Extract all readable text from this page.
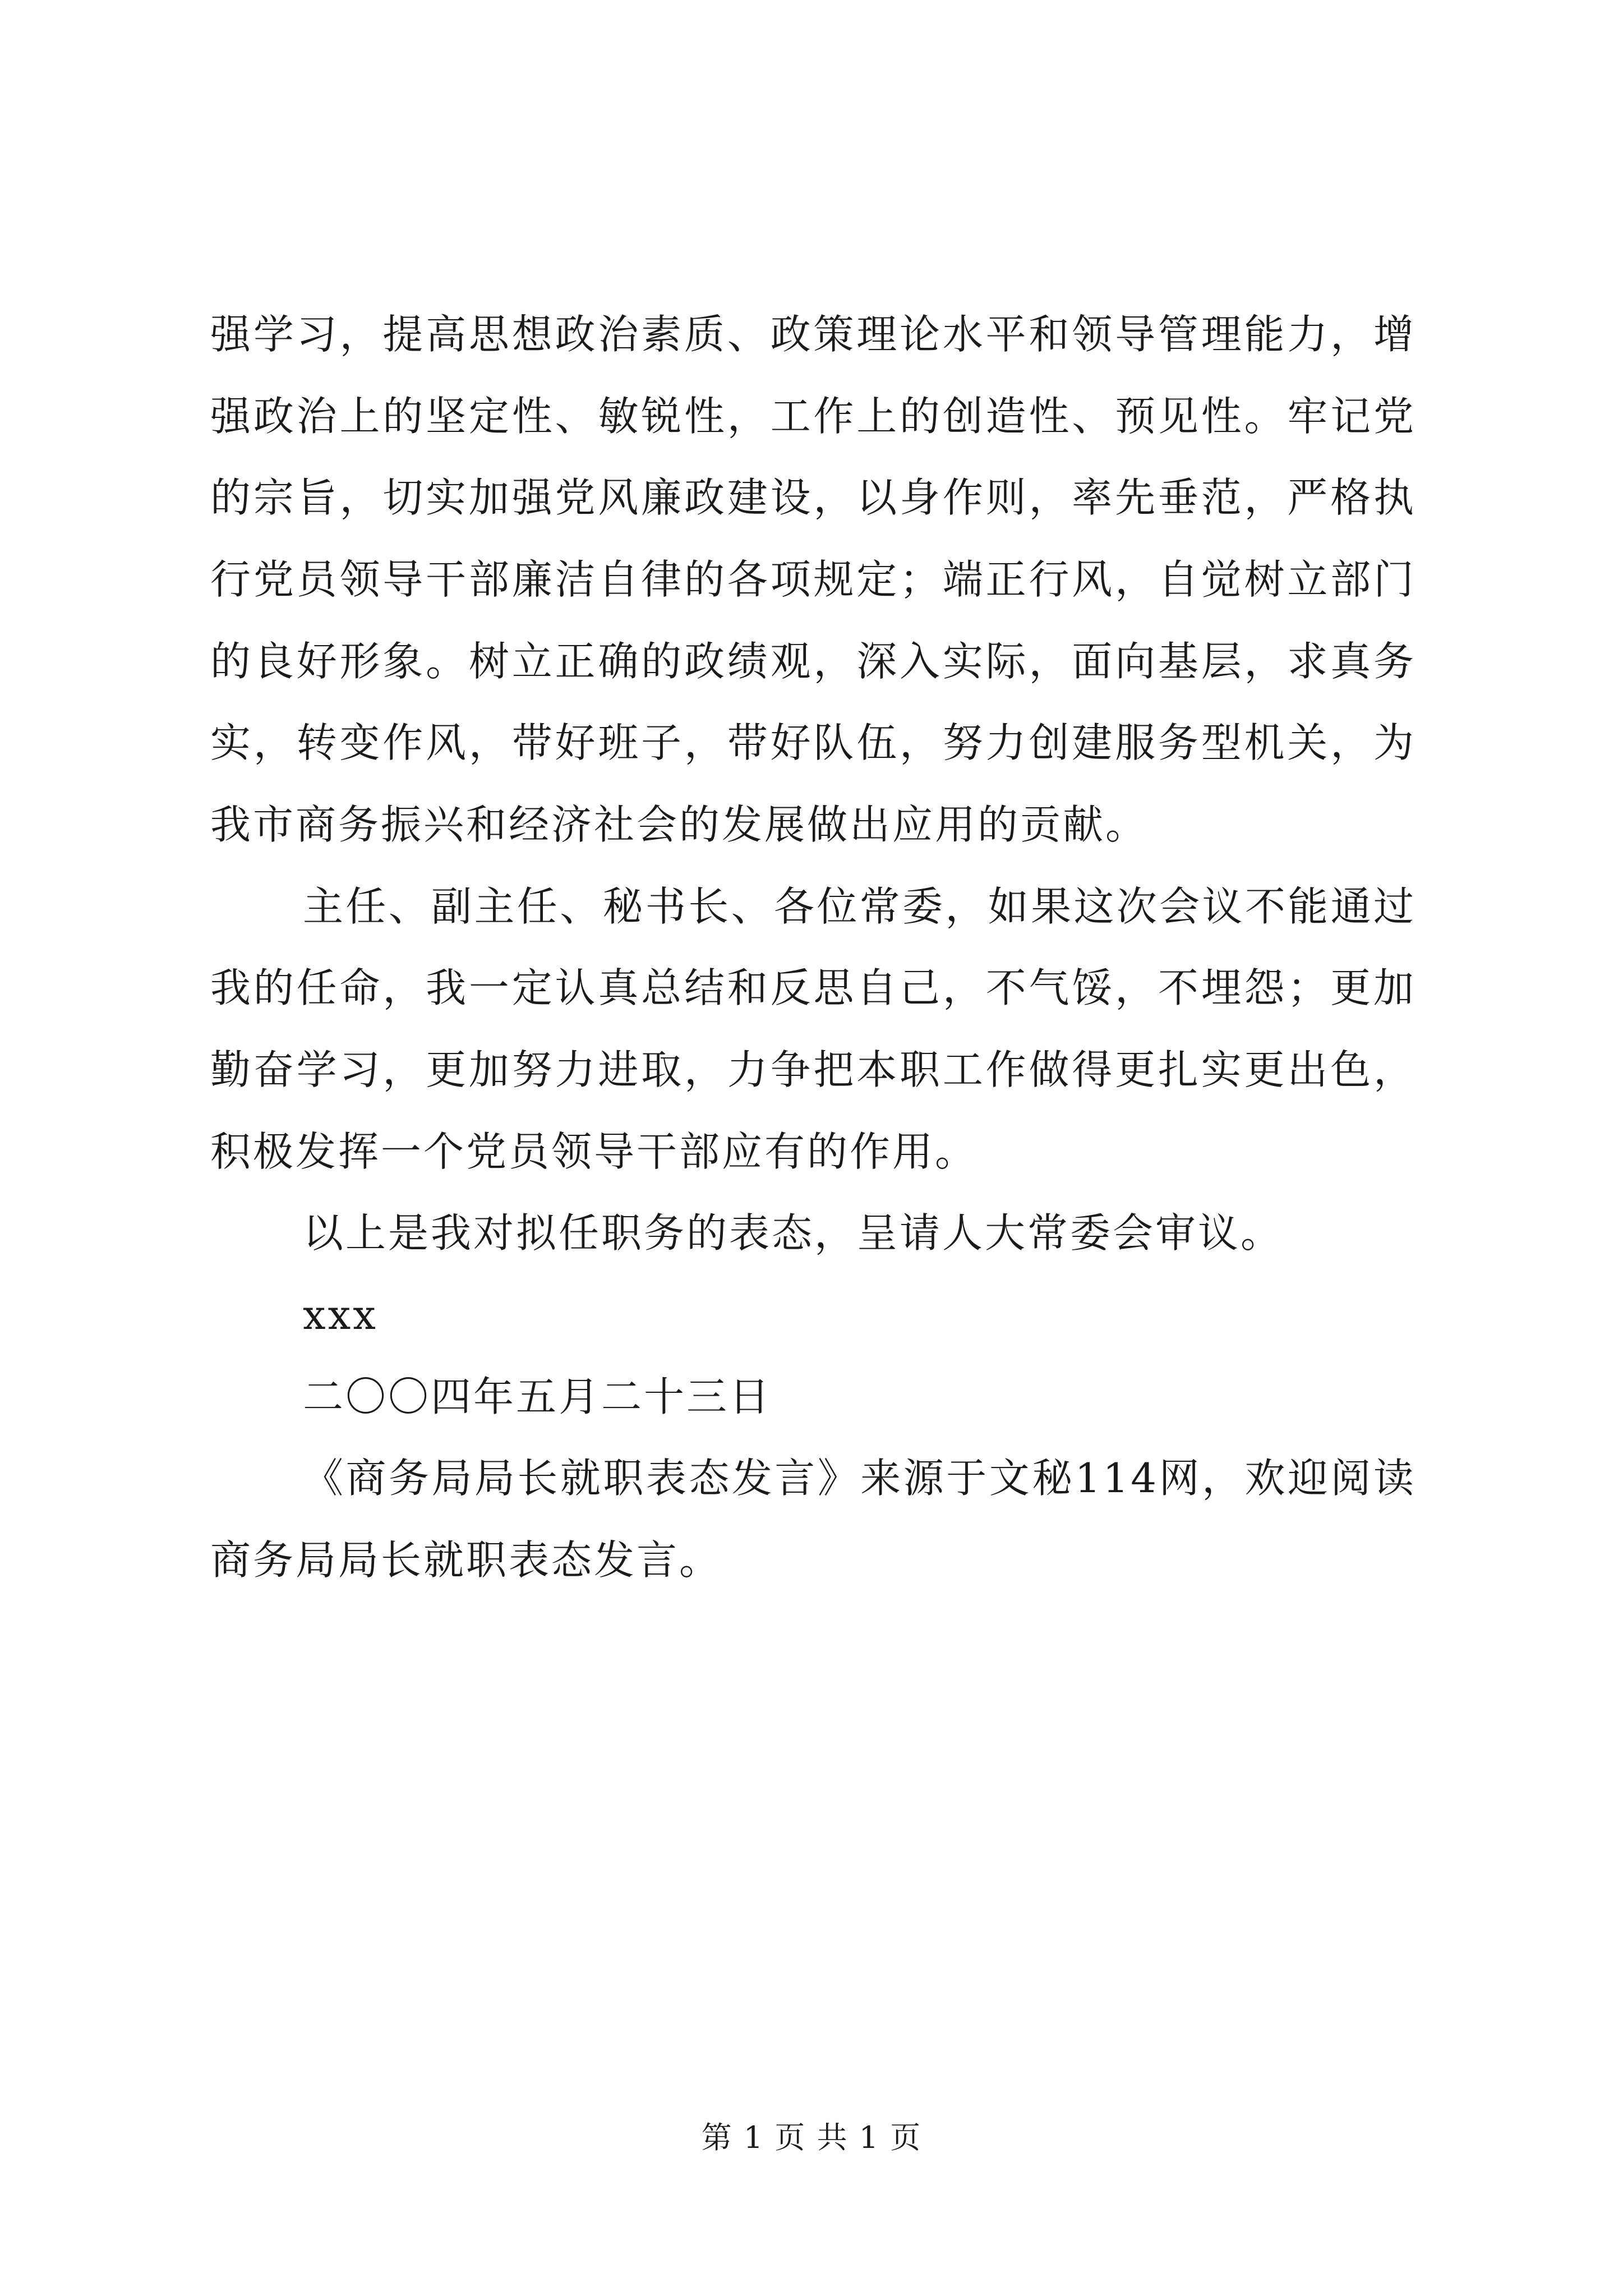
强学习，提高思想政治素质、政策理论水平和领导管理能力，增
强政治上的坚定性、敏锐性，工作上的创造性、预见性。牢记党
的宗旨，切实加强党风廉政建设，以身作则，率先垂范，严格执
行党员领导干部廉洁自律的各项规定；端正行风，自觉树立部门
的良好形象。树立正确的政绩观，深入实际，面向基层，求真务
实，转变作风，带好班子，带好队伍，努力创建服务型机关，为
我市商务振兴和经济社会的发展做出应用的贡献。
主任、副主任、秘书长、各位常委，如果这次会议不能通过
我的任命，我一定认真总结和反思自己，不气馁，不埋怨；更加
勤奋学习，更加努力进取，力争把本职工作做得更扎实更出色，
积极发挥一个党员领导干部应有的作用。
以上是我对拟任职务的表态，呈请人大常委会审议。
xxx
二〇〇四年五月二十三日
《商务局局长就职表态发言》来源于文秘114网，欢迎阅读
商务局局长就职表态发言。
第 1 页 共 1 页
